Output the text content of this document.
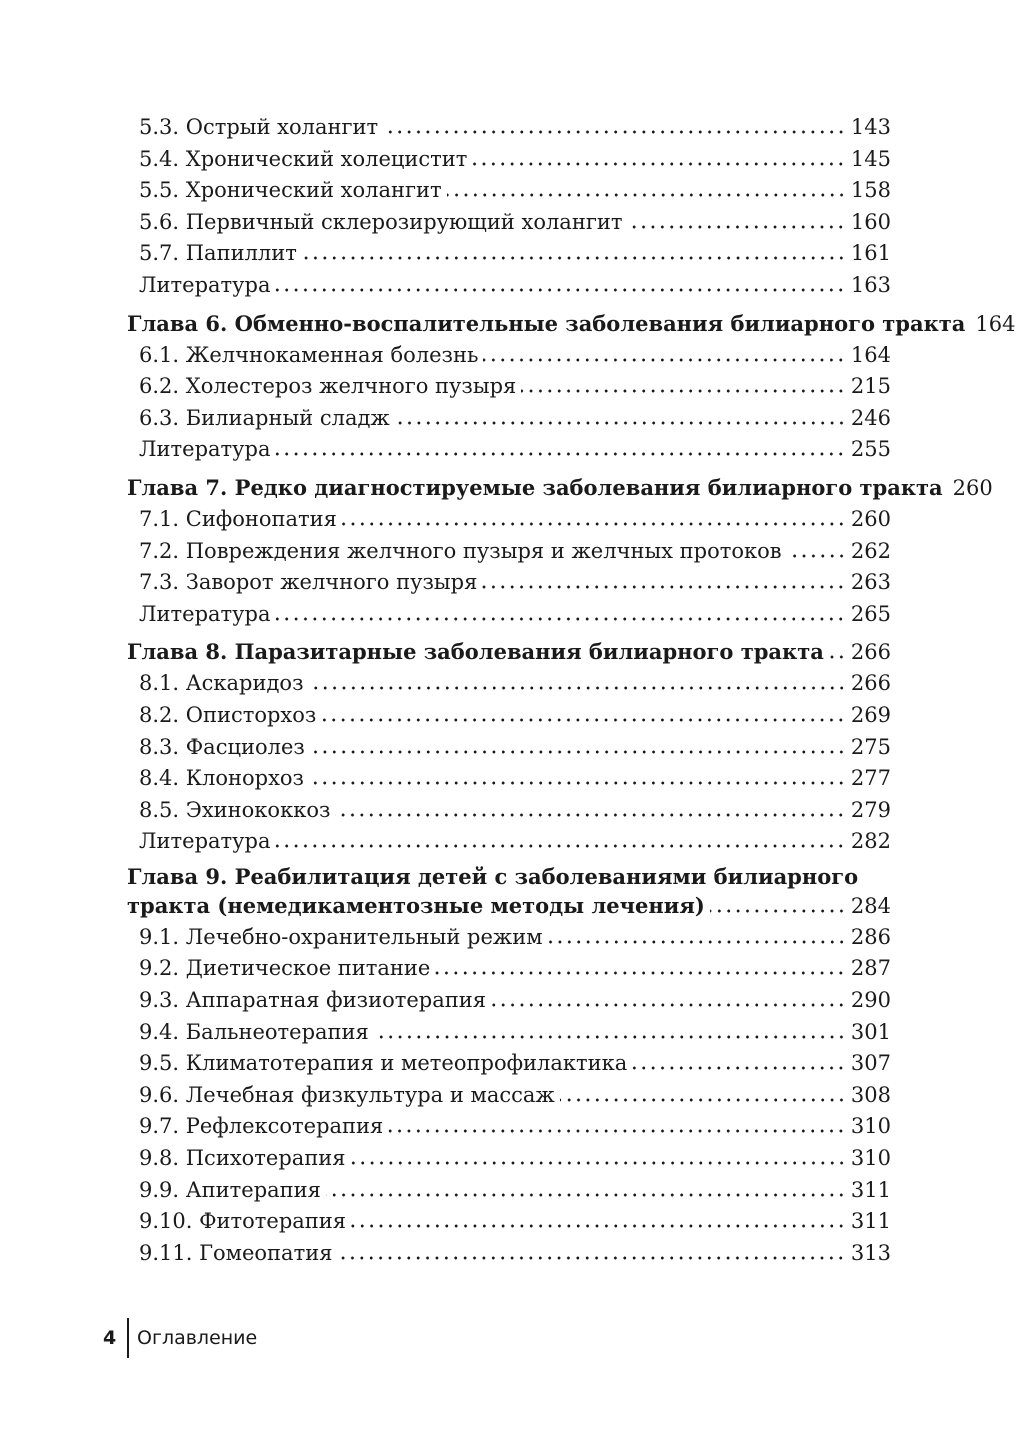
5.3. Острый холангит	143
5.4. Хронический холецистит	145
5.5. Хронический холангит	158
5.6. Первичный склерозирующий холангит	160
5.7. Папиллит	161
Литература	163
Глава 6. Обменно-воспалительные заболевания билиарного тракта 164
6.1. Желчнокаменная болезнь	164
6.2. Холестероз желчного пузыря	215
6.3. Билиарный сладж	246
Литература	255
Глава 7. Редко диагностируемые заболевания билиарного тракта 260
7.1. Сифонопатия	260
7.2. Повреждения желчного пузыря и желчных протоков	262
7.3. Заворот желчного пузыря	263
Литература	265
Глава 8. Паразитарные заболевания билиарного тракта 266
8.1. Аскаридоз	266
8.2. Описторхоз	269
8.3. Фасциолез	275
8.4. Клонорхоз	277
8.5. Эхинококкоз	279
Литература	282
Глава 9. Реабилитация детей с заболеваниями билиарного
тракта (немедикаментозные методы лечения)	284
9.1. Лечебно-охранительный режим	286
9.2. Диетическое питание	287
9.3. Аппаратная физиотерапия	290
9.4. Бальнеотерапия	301
9.5. Климатотерапия и метеопрофилактика	307
9.6. Лечебная физкультура и массаж	308
9.7. Рефлексотерапия	310
9.8. Психотерапия	310
9.9. Апитерапия	311
9.10. Фитотерапия	311
9.11. Гомеопатия	313
4 Оглавление
